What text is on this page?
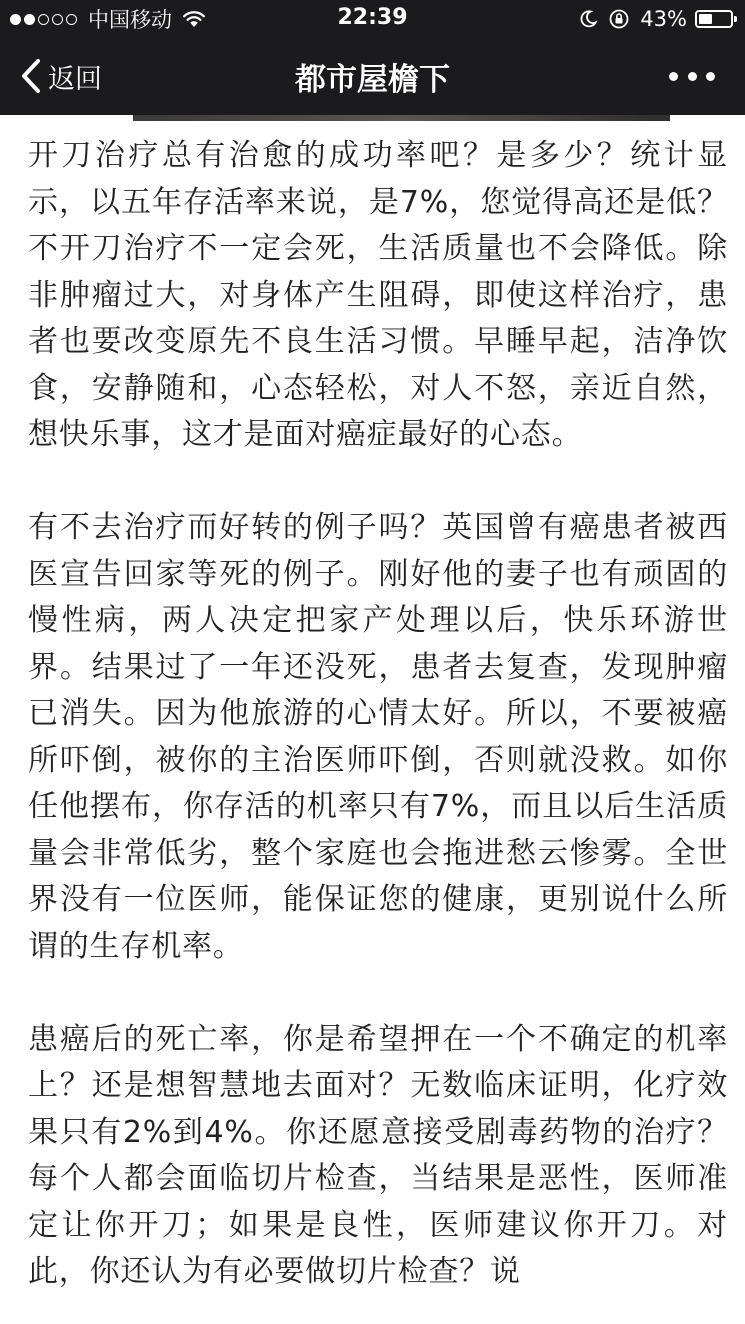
中国移动	22:39	43%
返回	都市屋檐下

开刀治疗总有治愈的成功率吧？是多少？统计显示，以五年存活率来说，是7%，您觉得高还是低？不开刀治疗不一定会死，生活质量也不会降低。除非肿瘤过大，对身体产生阻碍，即使这样治疗，患者也要改变原先不良生活习惯。早睡早起，洁净饮食，安静随和，心态轻松，对人不怒，亲近自然，想快乐事，这才是面对癌症最好的心态。

有不去治疗而好转的例子吗？英国曾有癌患者被西医宣告回家等死的例子。刚好他的妻子也有顽固的慢性病，两人决定把家产处理以后，快乐环游世界。结果过了一年还没死，患者去复查，发现肿瘤已消失。因为他旅游的心情太好。所以，不要被癌所吓倒，被你的主治医师吓倒，否则就没救。如你任他摆布，你存活的机率只有7%，而且以后生活质量会非常低劣，整个家庭也会拖进愁云惨雾。全世界没有一位医师，能保证您的健康，更别说什么所谓的生存机率。

患癌后的死亡率，你是希望押在一个不确定的机率上？还是想智慧地去面对？无数临床证明，化疗效果只有2%到4%。你还愿意接受剧毒药物的治疗？每个人都会面临切片检查，当结果是恶性，医师准定让你开刀；如果是良性，医师建议你开刀。对此，你还认为有必要做切片检查？说
